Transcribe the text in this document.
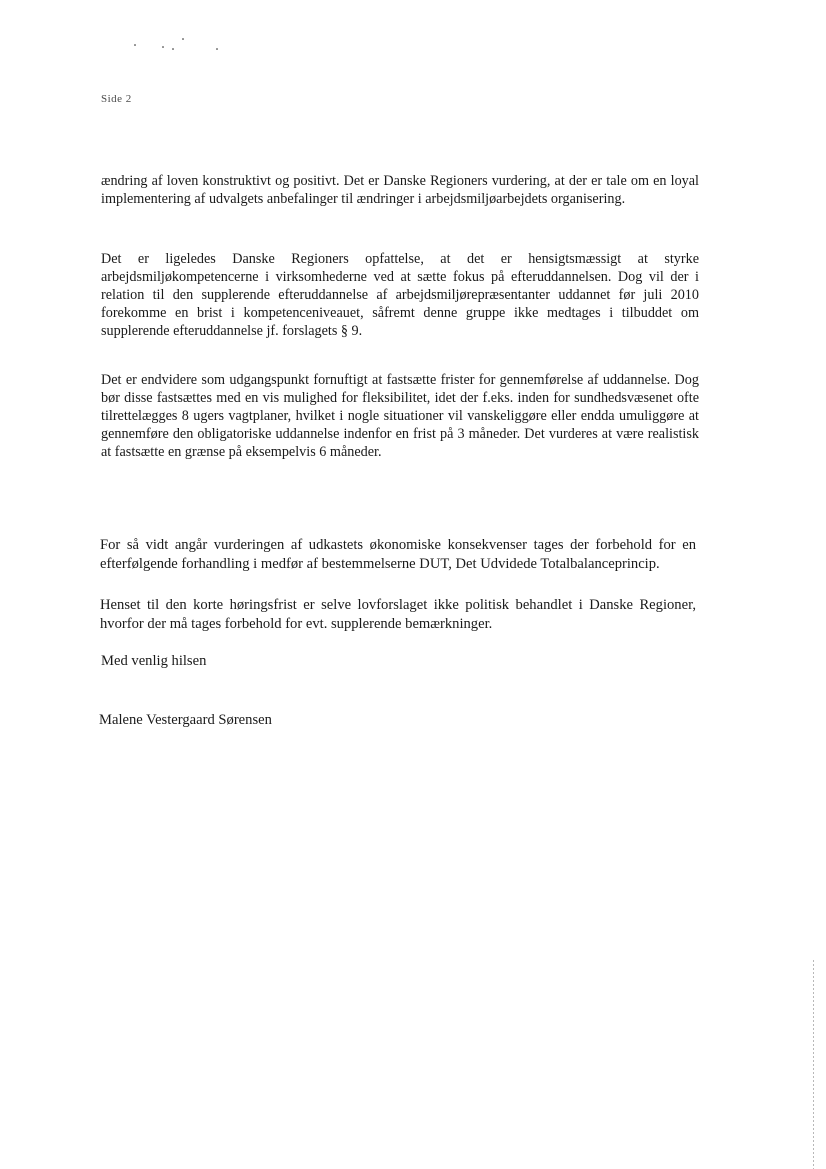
Side 2

ændring af loven konstruktivt og positivt. Det er Danske Regioners vurdering, at der er tale om en loyal implementering af udvalgets anbefalinger til ændringer i arbejdsmiljøarbejdets organisering.

Det er ligeledes Danske Regioners opfattelse, at det er hensigtsmæssigt at styrke arbejdsmiljøkompetencerne i virksomhederne ved at sætte fokus på efteruddannelsen. Dog vil der i relation til den supplerende efteruddannelse af arbejdsmiljørepræsentanter uddannet før juli 2010 forekomme en brist i kompetenceniveauet, såfremt denne gruppe ikke medtages i tilbuddet om supplerende efteruddannelse jf. forslagets § 9.

Det er endvidere som udgangspunkt fornuftigt at fastsætte frister for gennemførelse af uddannelse. Dog bør disse fastsættes med en vis mulighed for fleksibilitet, idet der f.eks. inden for sundhedsvæsenet ofte tilrettelægges 8 ugers vagtplaner, hvilket i nogle situationer vil vanskeliggøre eller endda umuliggøre at gennemføre den obligatoriske uddannelse indenfor en frist på 3 måneder. Det vurderes at være realistisk at fastsætte en grænse på eksempelvis 6 måneder.

For så vidt angår vurderingen af udkastets økonomiske konsekvenser tages der forbehold for en efterfølgende forhandling i medfør af bestemmelserne DUT, Det Udvidede Totalbalanceprincip.

Henset til den korte høringsfrist er selve lovforslaget ikke politisk behandlet i Danske Regioner, hvorfor der må tages forbehold for evt. supplerende bemærkninger.

Med venlig hilsen

Malene Vestergaard Sørensen
